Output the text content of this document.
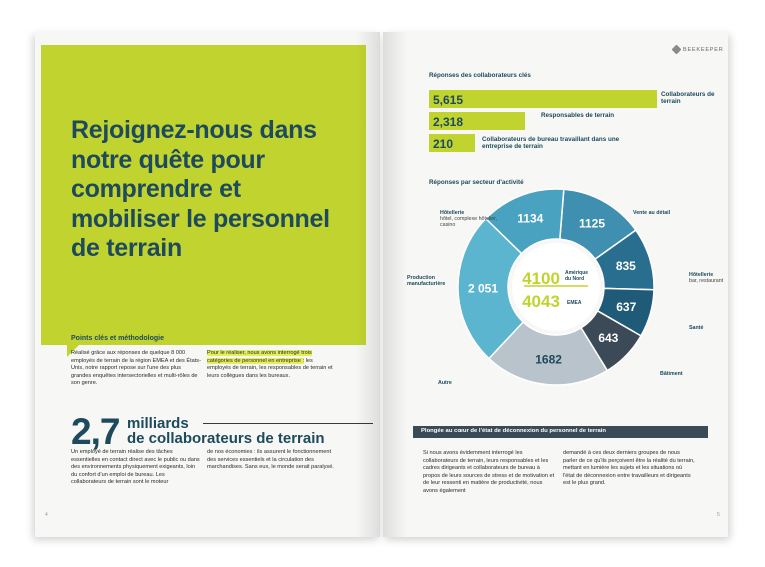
Rejoignez-nous dans notre quête pour comprendre et mobiliser le personnel de terrain
Points clés et méthodologie
Réalisé grâce aux réponses de quelque 8 000 employés de terrain de la région EMEA et des États-Unis, notre rapport repose sur l'une des plus grandes enquêtes intersectorielles et multi-rôles de son genre.
Pour le réaliser, nous avons interrogé trois catégories de personnel en entreprise : les employés de terrain, les responsables de terrain et leurs collègues dans les bureaux.
2,7 milliards
de collaborateurs de terrain
Un employé de terrain réalise des tâches essentielles en contact direct avec le public ou dans des environnements physiquement exigeants, loin du confort d'un emploi de bureau. Les collaborateurs de terrain sont le moteur
de nos économies : ils assurent le fonctionnement des services essentiels et la circulation des marchandises. Sans eux, le monde serait paralysé.
4
BEEKEEPER
Réponses des collaborateurs clés
5,615	Collaborateurs de terrain
2,318	Responsables de terrain
210	Collaborateurs de bureau travaillant dans une entreprise de terrain
Réponses par secteur d'activité
1125
835
637
643
1682
2 051
1134
4100 Amérique du Nord
4043 EMEA
Hôtellerie
hôtel, complexe hôtelier, casino
Vente au détail
Hôtellerie
bar, restaurant
Santé
Bâtiment
Autre
Production manufacturière
Plongée au cœur de l'état de déconnexion du personnel de terrain
Si nous avons évidemment interrogé les collaborateurs de terrain, leurs responsables et les cadres dirigeants et collaborateurs de bureau à propos de leurs sources de stress et de motivation et de leur ressenti en matière de productivité, nous avons également
demandé à ces deux derniers groupes de nous parler de ce qu'ils perçoivent être la réalité du terrain, mettant en lumière les sujets et les situations où l'état de déconnexion entre travailleurs et dirigeants est le plus grand.
5
